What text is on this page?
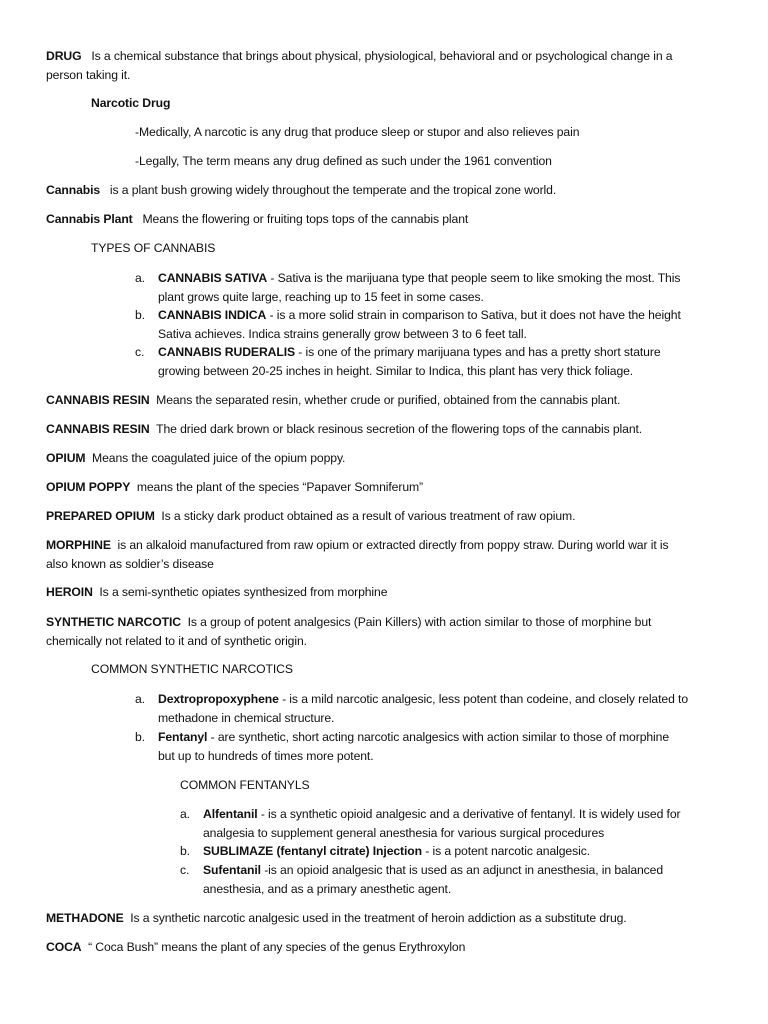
DRUG Is a chemical substance that brings about physical, physiological, behavioral and or psychological change in a
person taking it.
Narcotic Drug
-Medically, A narcotic is any drug that produce sleep or stupor and also relieves pain
-Legally, The term means any drug defined as such under the 1961 convention
Cannabis is a plant bush growing widely throughout the temperate and the tropical zone world.
Cannabis Plant Means the flowering or fruiting tops tops of the cannabis plant
TYPES OF CANNABIS
a. CANNABIS SATIVA - Sativa is the marijuana type that people seem to like smoking the most. This
plant grows quite large, reaching up to 15 feet in some cases.
b. CANNABIS INDICA - is a more solid strain in comparison to Sativa, but it does not have the height
Sativa achieves. Indica strains generally grow between 3 to 6 feet tall.
c. CANNABIS RUDERALIS - is one of the primary marijuana types and has a pretty short stature
growing between 20-25 inches in height. Similar to Indica, this plant has very thick foliage.
CANNABIS RESIN Means the separated resin, whether crude or purified, obtained from the cannabis plant.
CANNABIS RESIN The dried dark brown or black resinous secretion of the flowering tops of the cannabis plant.
OPIUM Means the coagulated juice of the opium poppy.
OPIUM POPPY means the plant of the species “Papaver Somniferum”
PREPARED OPIUM Is a sticky dark product obtained as a result of various treatment of raw opium.
MORPHINE is an alkaloid manufactured from raw opium or extracted directly from poppy straw. During world war it is
also known as soldier’s disease
HEROIN Is a semi-synthetic opiates synthesized from morphine
SYNTHETIC NARCOTIC Is a group of potent analgesics (Pain Killers) with action similar to those of morphine but
chemically not related to it and of synthetic origin.
COMMON SYNTHETIC NARCOTICS
a. Dextropropoxyphene - is a mild narcotic analgesic, less potent than codeine, and closely related to
methadone in chemical structure.
b. Fentanyl - are synthetic, short acting narcotic analgesics with action similar to those of morphine
but up to hundreds of times more potent.
COMMON FENTANYLS
a. Alfentanil - is a synthetic opioid analgesic and a derivative of fentanyl. It is widely used for
analgesia to supplement general anesthesia for various surgical procedures
b. SUBLIMAZE (fentanyl citrate) Injection - is a potent narcotic analgesic.
c. Sufentanil -is an opioid analgesic that is used as an adjunct in anesthesia, in balanced
anesthesia, and as a primary anesthetic agent.
METHADONE Is a synthetic narcotic analgesic used in the treatment of heroin addiction as a substitute drug.
COCA “ Coca Bush” means the plant of any species of the genus Erythroxylon
